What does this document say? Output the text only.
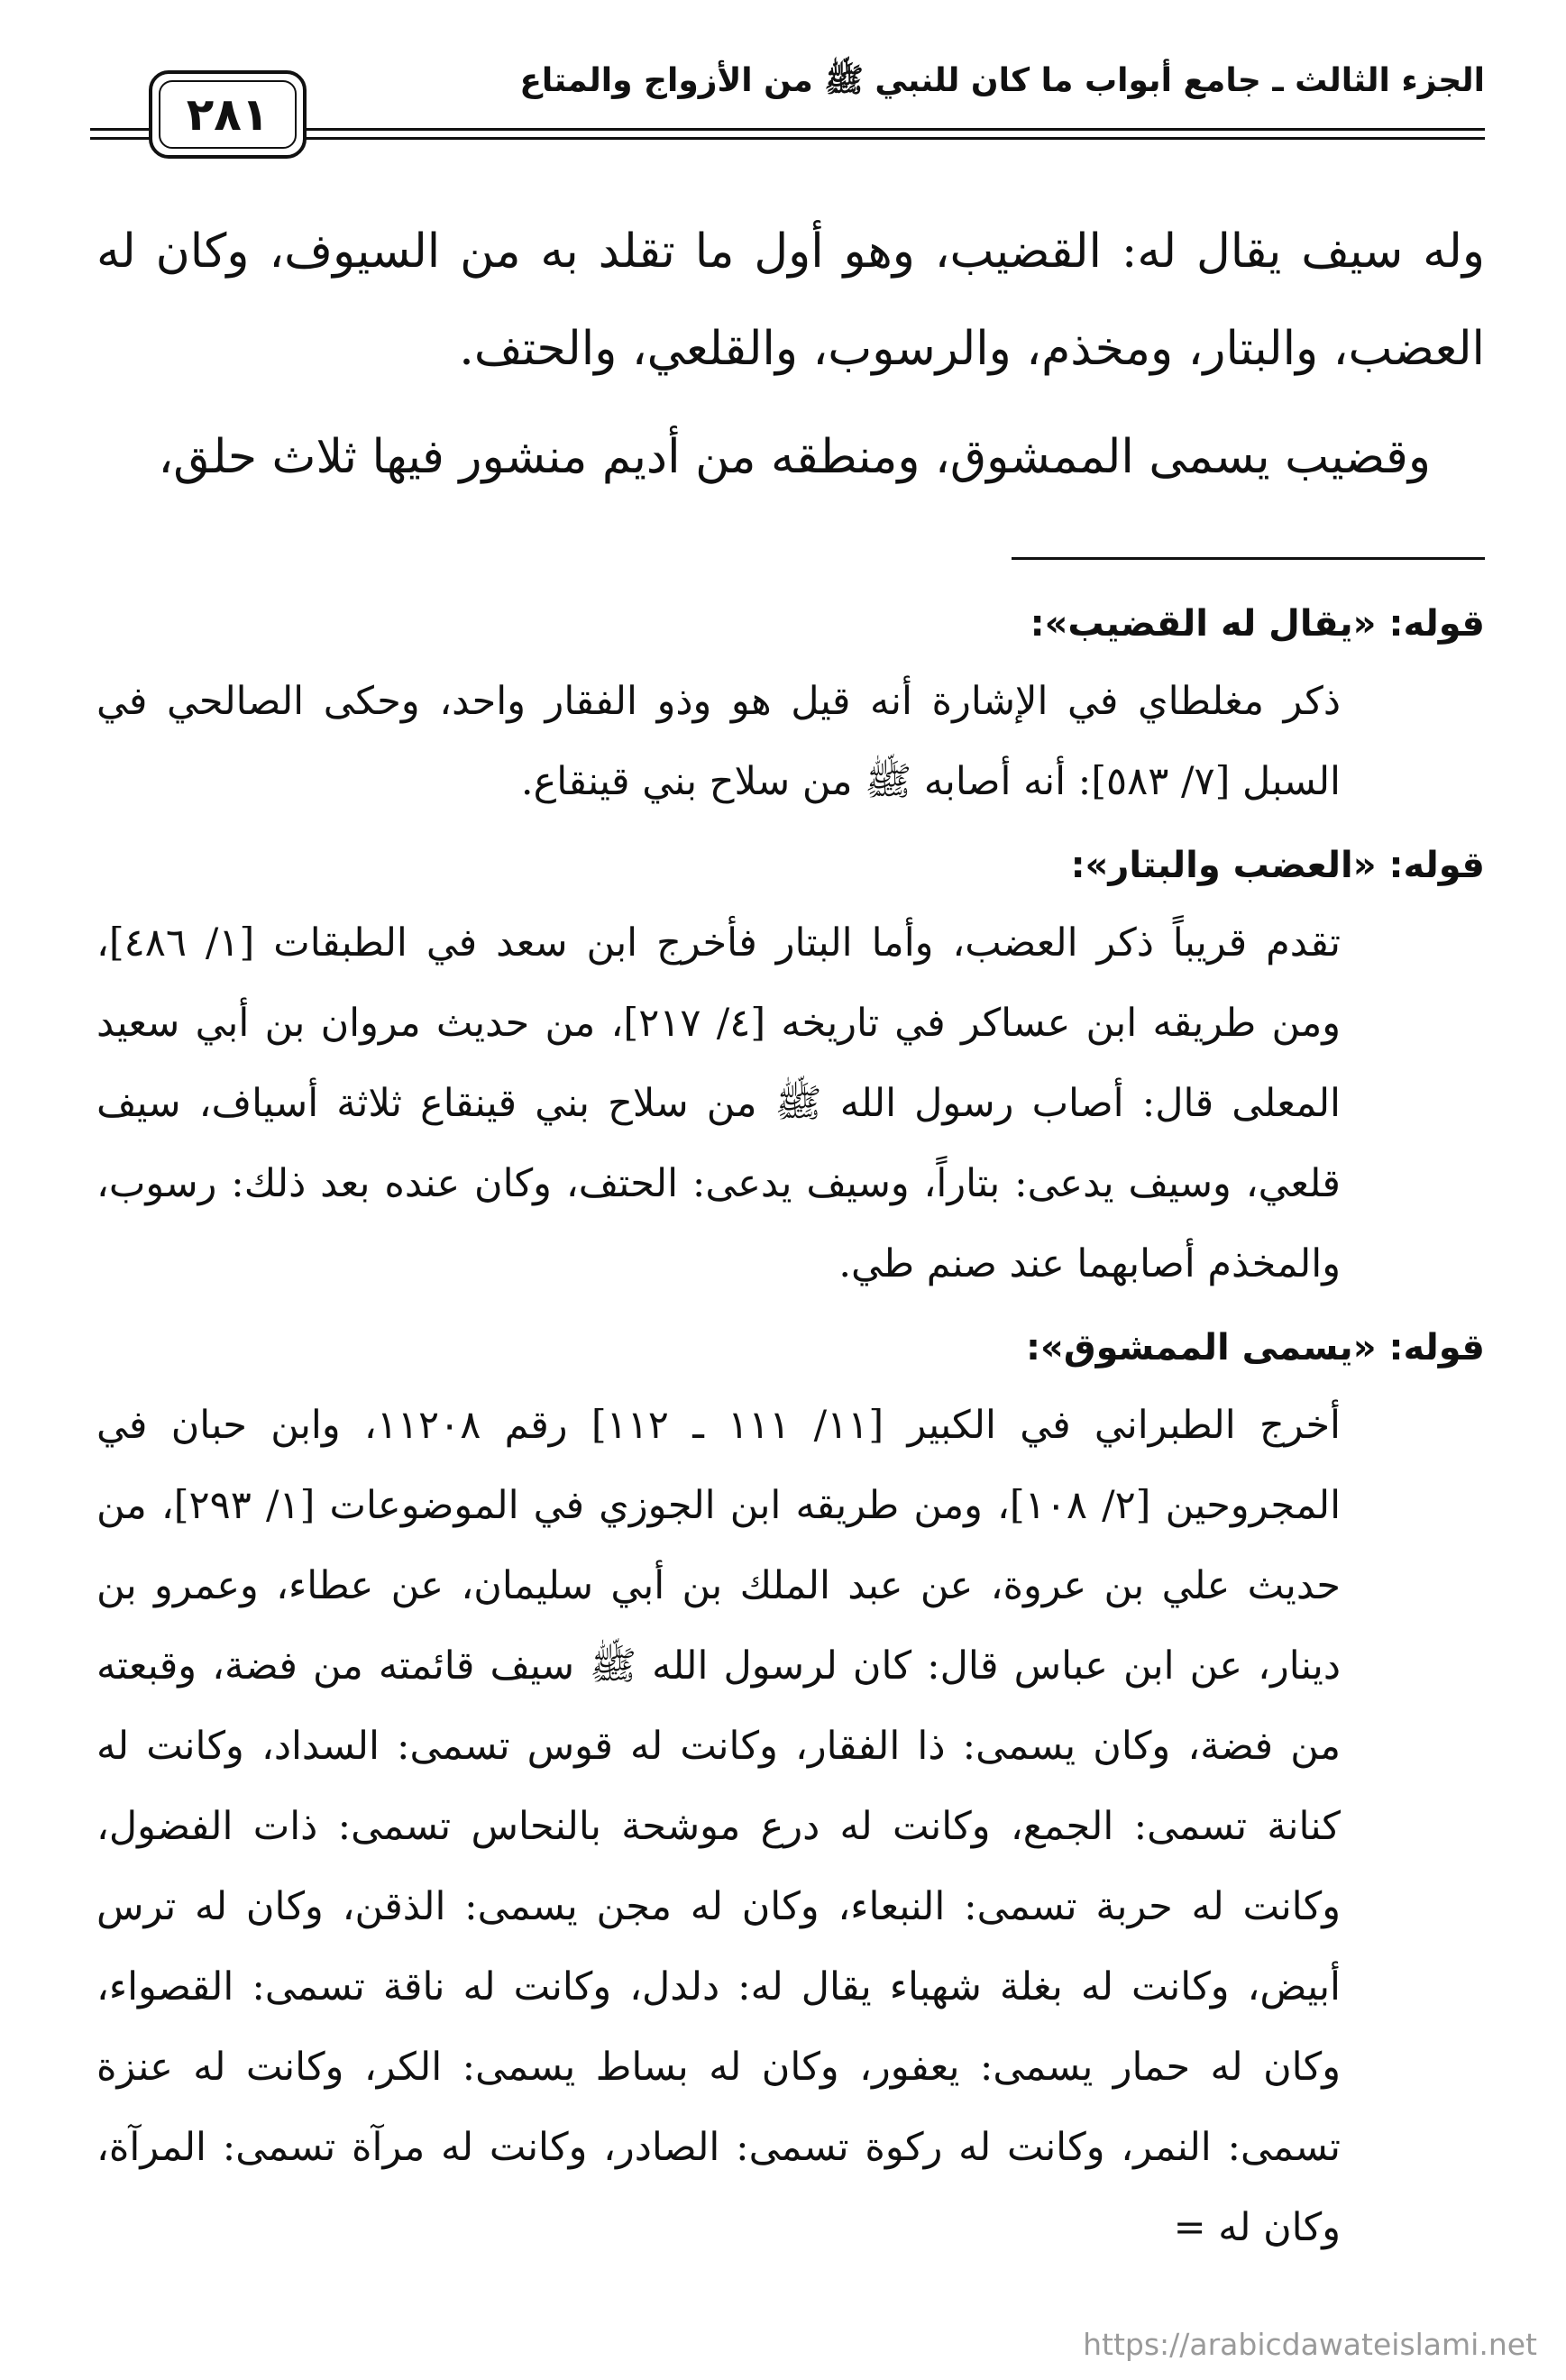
الجزء الثالث ـ جامع أبواب ما كان للنبي ﷺ من الأزواج والمتاع
٢٨١

وله سيف يقال له: القضيب، وهو أول ما تقلد به من السيوف، وكان له العضب، والبتار، ومخذم، والرسوب، والقلعي، والحتف.

وقضيب يسمى الممشوق، ومنطقه من أديم منشور فيها ثلاث حلق،

قوله: «يقال له القضيب»:

ذكر مغلطاي في الإشارة أنه قيل هو وذو الفقار واحد، وحكى الصالحي في السبل [٧/ ٥٨٣]: أنه أصابه ﷺ من سلاح بني قينقاع.

قوله: «العضب والبتار»:

تقدم قريباً ذكر العضب، وأما البتار فأخرج ابن سعد في الطبقات [١/ ٤٨٦]، ومن طريقه ابن عساكر في تاريخه [٤/ ٢١٧]، من حديث مروان بن أبي سعيد المعلى قال: أصاب رسول الله ﷺ من سلاح بني قينقاع ثلاثة أسياف، سيف قلعي، وسيف يدعى: بتاراً، وسيف يدعى: الحتف، وكان عنده بعد ذلك: رسوب، والمخذم أصابهما عند صنم طي.

قوله: «يسمى الممشوق»:

أخرج الطبراني في الكبير [١١/ ١١١ ـ ١١٢] رقم ١١٢٠٨، وابن حبان في المجروحين [٢/ ١٠٨]، ومن طريقه ابن الجوزي في الموضوعات [١/ ٢٩٣]، من حديث علي بن عروة، عن عبد الملك بن أبي سليمان، عن عطاء، وعمرو بن دينار، عن ابن عباس قال: كان لرسول الله ﷺ سيف قائمته من فضة، وقبعته من فضة، وكان يسمى: ذا الفقار، وكانت له قوس تسمى: السداد، وكانت له كنانة تسمى: الجمع، وكانت له درع موشحة بالنحاس تسمى: ذات الفضول، وكانت له حربة تسمى: النبعاء، وكان له مجن يسمى: الذقن، وكان له ترس أبيض، وكانت له بغلة شهباء يقال له: دلدل، وكانت له ناقة تسمى: القصواء، وكان له حمار يسمى: يعفور، وكان له بساط يسمى: الكر، وكانت له عنزة تسمى: النمر، وكانت له ركوة تسمى: الصادر، وكانت له مرآة تسمى: المرآة، وكان له =

https://arabicdawateislami.net
